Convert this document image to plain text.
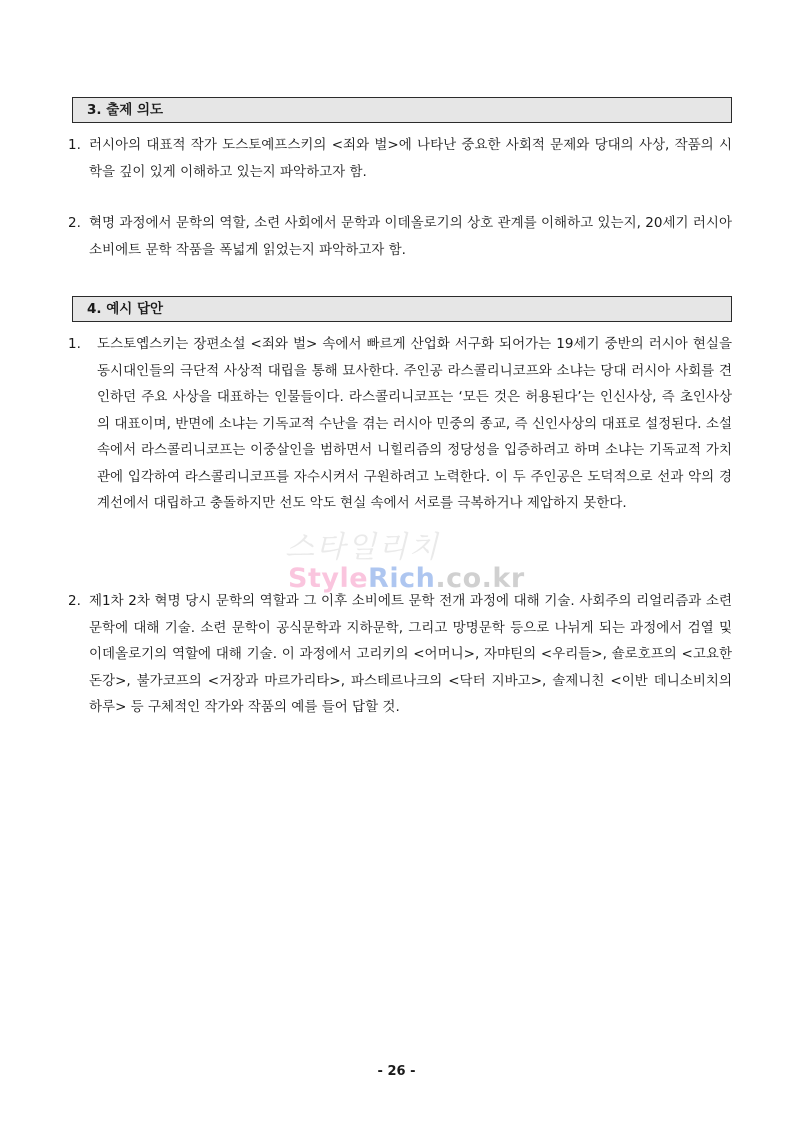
3. 출제 의도
1. 러시아의 대표적 작가 도스토예프스키의 <죄와 벌>에 나타난 중요한 사회적 문제와 당대의 사상, 작품의 시학을 깊이 있게 이해하고 있는지 파악하고자 함.
2. 혁명 과정에서 문학의 역할, 소련 사회에서 문학과 이데올로기의 상호 관계를 이해하고 있는지, 20세기 러시아 소비에트 문학 작품을 폭넓게 읽었는지 파악하고자 함.
4. 예시 답안
1. 도스토옙스키는 장편소설 <죄와 벌> 속에서 빠르게 산업화 서구화 되어가는 19세기 중반의 러시아 현실을 동시대인들의 극단적 사상적 대립을 통해 묘사한다. 주인공 라스콜리니코프와 소냐는 당대 러시아 사회를 견인하던 주요 사상을 대표하는 인물들이다. 라스콜리니코프는 ‘모든 것은 허용된다’는 인신사상, 즉 초인사상의 대표이며, 반면에 소냐는 기독교적 수난을 겪는 러시아 민중의 종교, 즉 신인사상의 대표로 설정된다. 소설 속에서 라스콜리니코프는 이중살인을 범하면서 니힐리즘의 정당성을 입증하려고 하며 소냐는 기독교적 가치관에 입각하여 라스콜리니코프를 자수시켜서 구원하려고 노력한다. 이 두 주인공은 도덕적으로 선과 악의 경계선에서 대립하고 충돌하지만 선도 악도 현실 속에서 서로를 극복하거나 제압하지 못한다.
2. 제1차 2차 혁명 당시 문학의 역할과 그 이후 소비에트 문학 전개 과정에 대해 기술. 사회주의 리얼리즘과 소련 문학에 대해 기술. 소련 문학이 공식문학과 지하문학, 그리고 망명문학 등으로 나뉘게 되는 과정에서 검열 및 이데올로기의 역할에 대해 기술. 이 과정에서 고리키의 <어머니>, 자먀틴의 <우리들>, 숄로호프의 <고요한 돈강>, 불가코프의 <거장과 마르가리타>, 파스테르나크의 <닥터 지바고>, 솔제니친 <이반 데니소비치의 하루> 등 구체적인 작가와 작품의 예를 들어 답할 것.
스타일리치
StyleRich.co.kr
- 26 -
